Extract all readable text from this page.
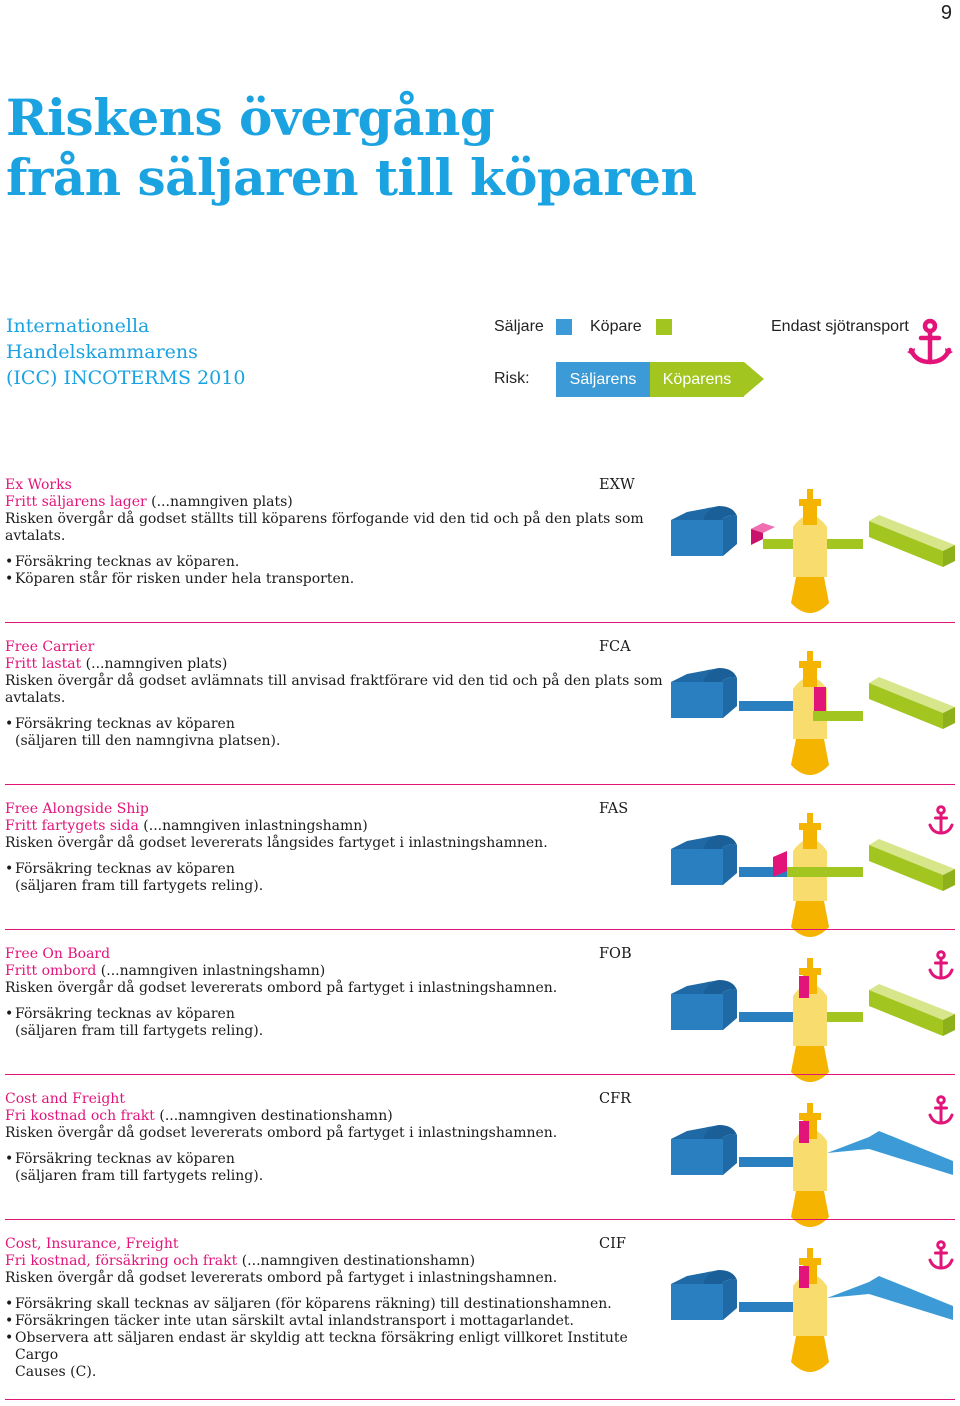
9
Riskens övergång
från säljaren till köparen
Internationella
Handelskammarens
(ICC) INCOTERMS 2010
Säljare	Köpare	Endast sjötransport
Risk:	Säljarens	Köparens
Ex Works
Fritt säljarens lager (...namngiven plats)
Risken övergår då godset ställts till köparens förfogande vid den tid och på den plats som
avtalats.
• Försäkring tecknas av köparen.
• Köparen står för risken under hela transporten.
EXW
Free Carrier
Fritt lastat (...namngiven plats)
Risken övergår då godset avlämnats till anvisad fraktförare vid den tid och på den plats som
avtalats.
• Försäkring tecknas av köparen
(säljaren till den namngivna platsen).
FCA
Free Alongside Ship
Fritt fartygets sida (...namngiven inlastningshamn)
Risken övergår då godset levererats långsides fartyget i inlastningshamnen.
• Försäkring tecknas av köparen
(säljaren fram till fartygets reling).
FAS
Free On Board
Fritt ombord (...namngiven inlastningshamn)
Risken övergår då godset levererats ombord på fartyget i inlastningshamnen.
• Försäkring tecknas av köparen
(säljaren fram till fartygets reling).
FOB
Cost and Freight
Fri kostnad och frakt (...namngiven destinationshamn)
Risken övergår då godset levererats ombord på fartyget i inlastningshamnen.
• Försäkring tecknas av köparen
(säljaren fram till fartygets reling).
CFR
Cost, Insurance, Freight
Fri kostnad, försäkring och frakt (...namngiven destinationshamn)
Risken övergår då godset levererats ombord på fartyget i inlastningshamnen.
• Försäkring skall tecknas av säljaren (för köparens räkning) till destinationshamnen.
• Försäkringen täcker inte utan särskilt avtal inlandstransport i mottagarlandet.
• Observera att säljaren endast är skyldig att teckna försäkring enligt villkoret Institute Cargo
Causes (C).
CIF
